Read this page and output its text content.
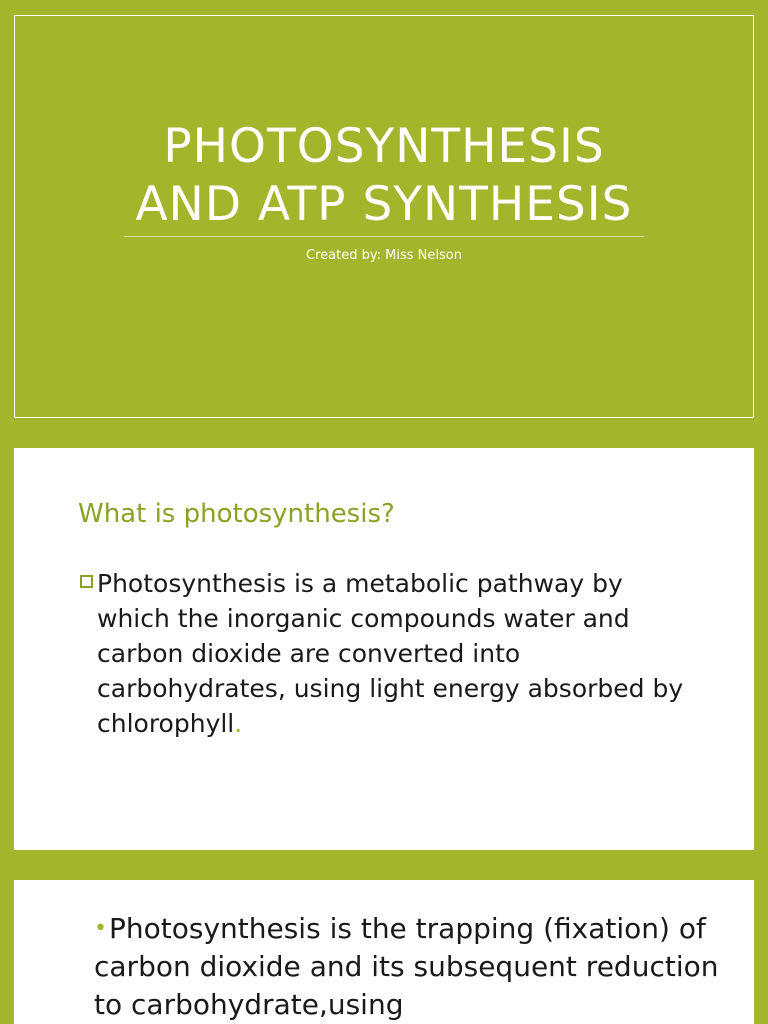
PHOTOSYNTHESIS
AND ATP SYNTHESIS
Created by: Miss Nelson
What is photosynthesis?
Photosynthesis is a metabolic pathway by which the inorganic compounds water and carbon dioxide are converted into carbohydrates, using light energy absorbed by chlorophyll.
•Photosynthesis is the trapping (fixation) of carbon dioxide and its subsequent reduction to carbohydrate,using
